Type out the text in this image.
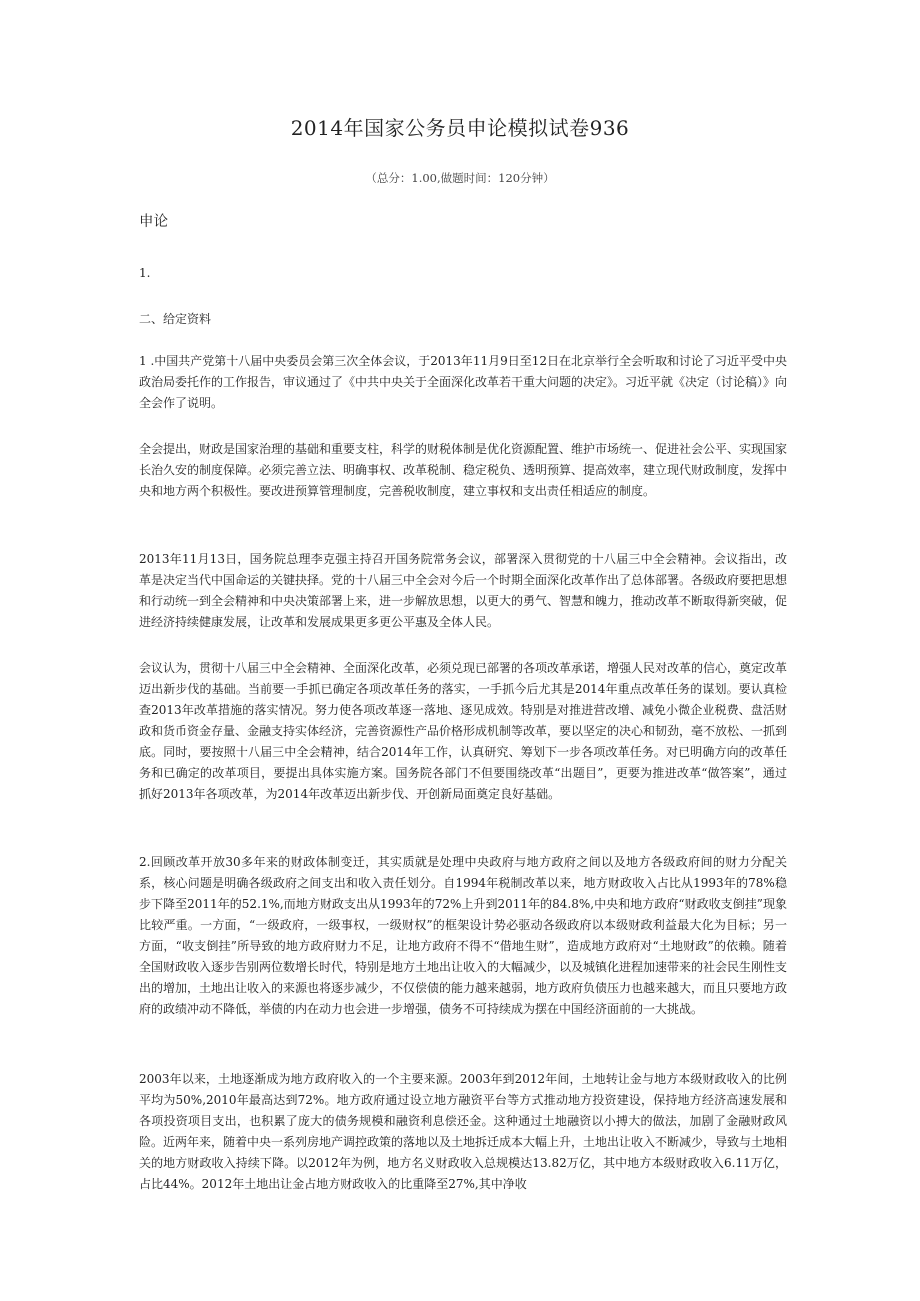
2014年国家公务员申论模拟试卷936
（总分：1.00,做题时间：120分钟）
申论
1.
二、给定资料
1 .中国共产党第十八届中央委员会第三次全体会议，于2013年11月9日至12日在北京举行全会听取和讨论了习近平受中央政治局委托作的工作报告，审议通过了《中共中央关于全面深化改革若干重大问题的决定》。习近平就《决定（讨论稿）》向全会作了说明。
全会提出，财政是国家治理的基础和重要支柱，科学的财税体制是优化资源配置、维护市场统一、促进社会公平、实现国家长治久安的制度保障。必须完善立法、明确事权、改革税制、稳定税负、透明预算、提高效率，建立现代财政制度，发挥中央和地方两个积极性。要改进预算管理制度，完善税收制度，建立事权和支出责任相适应的制度。
2013年11月13日，国务院总理李克强主持召开国务院常务会议，部署深入贯彻党的十八届三中全会精神。会议指出，改革是决定当代中国命运的关键抉择。党的十八届三中全会对今后一个时期全面深化改革作出了总体部署。各级政府要把思想和行动统一到全会精神和中央决策部署上来，进一步解放思想，以更大的勇气、智慧和魄力，推动改革不断取得新突破，促进经济持续健康发展，让改革和发展成果更多更公平惠及全体人民。
会议认为，贯彻十八届三中全会精神、全面深化改革，必须兑现已部署的各项改革承诺，增强人民对改革的信心，奠定改革迈出新步伐的基础。当前要一手抓已确定各项改革任务的落实，一手抓今后尤其是2014年重点改革任务的谋划。要认真检查2013年改革措施的落实情况。努力使各项改革逐一落地、逐见成效。特别是对推进营改增、减免小微企业税费、盘活财政和货币资金存量、金融支持实体经济，完善资源性产品价格形成机制等改革，要以坚定的决心和韧劲，毫不放松、一抓到底。同时，要按照十八届三中全会精神，结合2014年工作，认真研究、筹划下一步各项改革任务。对已明确方向的改革任务和已确定的改革项目，要提出具体实施方案。国务院各部门不但要围绕改革“出题目”，更要为推进改革“做答案”，通过抓好2013年各项改革，为2014年改革迈出新步伐、开创新局面奠定良好基础。
2.回顾改革开放30多年来的财政体制变迁，其实质就是处理中央政府与地方政府之间以及地方各级政府间的财力分配关系，核心问题是明确各级政府之间支出和收入责任划分。自1994年税制改革以来，地方财政收入占比从1993年的78%稳步下降至2011年的52.1%,而地方财政支出从1993年的72%上升到2011年的84.8%,中央和地方政府“财政收支倒挂”现象比较严重。一方面，“一级政府，一级事权，一级财权”的框架设计势必驱动各级政府以本级财政利益最大化为目标；另一方面，“收支倒挂”所导致的地方政府财力不足，让地方政府不得不“借地生财”，造成地方政府对“土地财政”的依赖。随着全国财政收入逐步告别两位数增长时代，特别是地方土地出让收入的大幅减少，以及城镇化进程加速带来的社会民生刚性支出的增加，土地出让收入的来源也将逐步减少，不仅偿债的能力越来越弱，地方政府负债压力也越来越大，而且只要地方政府的政绩冲动不降低，举债的内在动力也会进一步增强，债务不可持续成为摆在中国经济面前的一大挑战。
2003年以来，土地逐渐成为地方政府收入的一个主要来源。2003年到2012年间，土地转让金与地方本级财政收入的比例平均为50%,2010年最高达到72%。地方政府通过设立地方融资平台等方式推动地方投资建设，保持地方经济高速发展和各项投资项目支出，也积累了庞大的债务规模和融资利息偿还金。这种通过土地融资以小搏大的做法，加剧了金融财政风险。近两年来，随着中央一系列房地产调控政策的落地以及土地拆迁成本大幅上升，土地出让收入不断减少，导致与土地相关的地方财政收入持续下降。以2012年为例，地方名义财政收入总规模达13.82万亿，其中地方本级财政收入6.11万亿，占比44%。2012年土地出让金占地方财政收入的比重降至27%,其中净收
